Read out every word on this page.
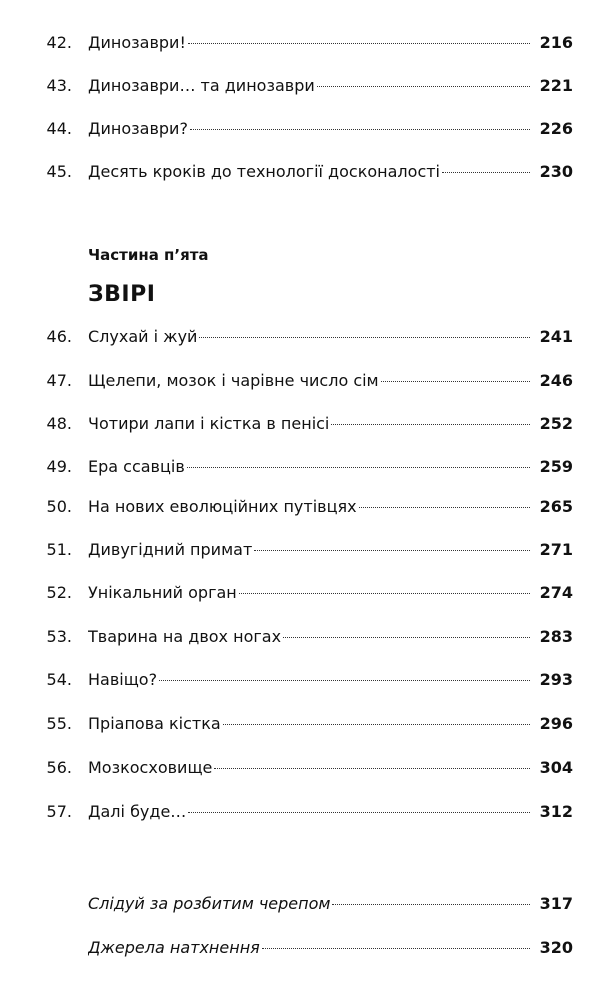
42. Динозаври!	216
43. Динозаври… та динозаври	221
44. Динозаври?	226
45. Десять кроків до технології досконалості	230
Частина п’ята
ЗВІРІ
46. Слухай і жуй	241
47. Щелепи, мозок і чарівне число сім	246
48. Чотири лапи і кістка в пенісі	252
49. Ера ссавців	259
50. На нових еволюційних путівцях	265
51. Дивугідний примат	271
52. Унікальний орган	274
53. Тварина на двох ногах	283
54. Навіщо?	293
55. Пріапова кістка	296
56. Мозкосховище	304
57. Далі буде…	312
Слідуй за розбитим черепом	317
Джерела натхнення	320
